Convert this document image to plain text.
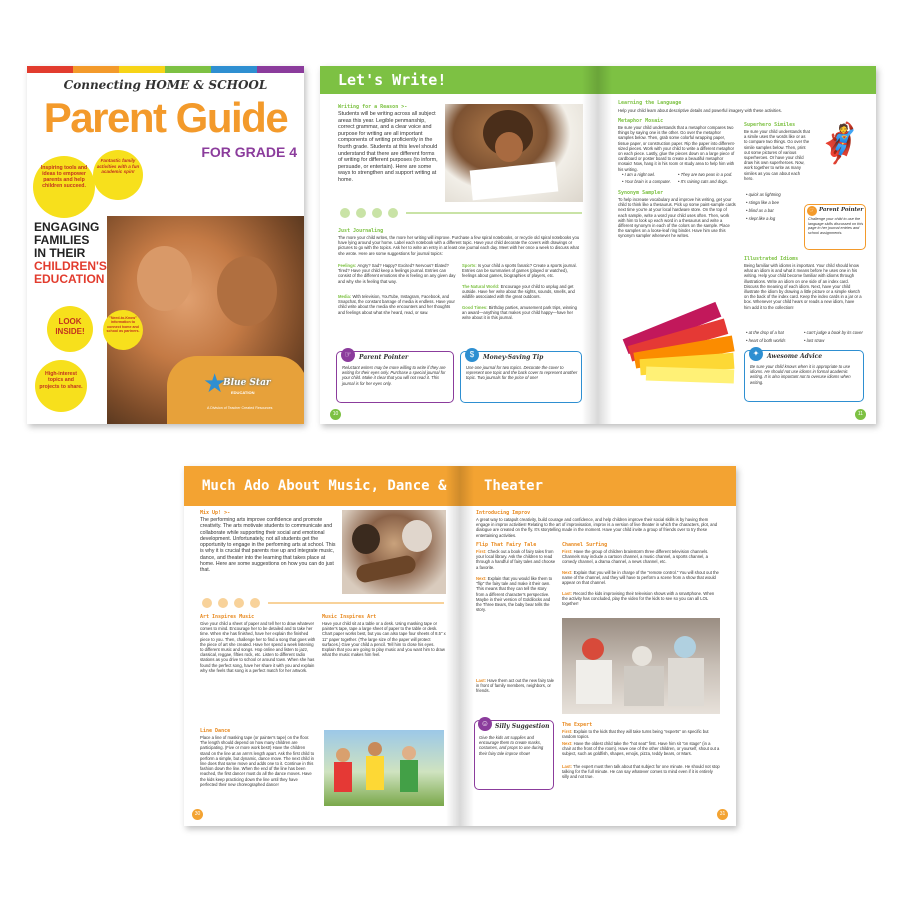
Connecting HOME & SCHOOL
Parent Guide
FOR GRADE 4
Inspiring tools and ideas to empower parents and help children succeed.
Fantastic family activities with a fun academic spin!
ENGAGING
FAMILIES
IN THEIR
CHILDREN'S
EDUCATION
LOOK INSIDE!
"Need-to-Know" information to connect home and school as partners.
High-interest topics and projects to share.	★
Blue Star
EDUCATION
A Division of Teacher Created Resources
Let's Write!
Writing for a Reason >-
Students will be writing across all subject areas this year. Legible penmanship, correct grammar, and a clear voice and purpose for writing are all important components of writing proficiently in the fourth grade. Students at this level should understand that there are different forms of writing for different purposes (to inform, persuade, or entertain). Here are some ways to strengthen and support writing at home.
Just Journaling
The more your child writes, the more her writing will improve. Purchase a few spiral notebooks, or recycle old spiral notebooks you have lying around your home. Label each notebook with a different topic. Have your child decorate the covers with drawings or pictures to go with the topics. Ask her to write an entry in at least one journal each day. Meet with her once a week to discuss what she wrote. Here are some suggestions for journal topics:
Feelings: Angry? Sad? Happy? Excited? Nervous? Elated? Tired? Have your child keep a feelings journal. Entries can consist of the different emotions she is feeling on any given day and why she is feeling that way.
Media: With television, YouTube, Instagram, Facebook, and Snapchat, the constant barrage of media is endless. Have your child write about the media she encounters and her thoughts and feelings about what she heard, read, or saw.
Sports: Is your child a sports fanatic? Create a sports journal. Entries can be summaries of games (played or watched), feelings about games, biographies of players, etc.
The Natural World: Encourage your child to unplug and get outside. Have her write about the sights, sounds, smells, and wildlife associated with the great outdoors.
Good Times: Birthday parties, amusement park trips, winning an award—anything that makes your child happy—have her write about it in this journal.
☞	Parent Pointer
Reluctant writers may be more willing to write if they are writing for their eyes only. Purchase a special journal for your child. Make it clear that you will not read it. This journal is for her eyes only.
$	Money-Saving Tip
Use one journal for two topics. Decorate the cover to represent one topic and the back cover to represent another topic. Two journals for the price of one!
10
Learning the Language
Help your child learn about descriptive details and powerful imagery with these activities.
Metaphor Mosaic
Be sure your child understands that a metaphor compares two things by saying one is the other. Go over the metaphor samples below. Then, grab some colorful wrapping paper, tissue paper, or construction paper. Rip the paper into different-sized pieces. Work with your child to write a different metaphor on each piece. Lastly, glue the pieces down on a large piece of cardboard or poster board to create a beautiful metaphor mosaic! Now, hang it in his room or study area to help him with his writing.
• I am a night owl.	• They are two peas in a pod.
• Your brain is a computer.	• It's raining cats and dogs.
Synonym Sampler
To help increase vocabulary and improve his writing, get your child to think like a thesaurus. Pick up some paint-sample cards next time you're at your local hardware store. On the top of each sample, write a word your child uses often. Then, work with him to look up each word in a thesaurus and write a different synonym in each of the colors on the sample. Place the samples on a loose-leaf ring binder. Have him use this synonym sampler whenever he writes.
Superhero Similes
Be sure your child understands that a simile uses the words like or as to compare two things. Go over the simile samples below. Then, print out some pictures of various superheroes. Or have your child draw his own superheroes. Now, work together to write as many similes as you can about each hero.
🦸
• quick as lightning
• stinga like a bee
• blind as a bat
• slept like a log
☞ Parent Pointer
Challenge your child to use the language skills discussed on this page in her journal entries and school assignments.
Illustrated Idioms
Being familiar with idioms is important. Your child should know what an idiom is and what it means before he uses one in his writing. Help your child become familiar with idioms through illustrations. Write an idiom on one side of an index card. Discuss the meaning of each idiom. Next, have your child illustrate the idiom by drawing a little picture or a simple sketch on the back of the index card. Keep the index cards in a jar or a box. Whenever your child hears or reads a new idiom, have him add it to the collection!
• at the drop of a hat	• can't judge a book by its cover
• heart of both worlds	• last straw
✦	Awesome Advice
Be sure your child knows when it is appropriate to use idioms. He should not use idioms in formal academic writing. It is also important not to overuse idioms when writing.
11
Much Ado About Music, Dance &	Theater
Mix Up! >-
The performing arts improve confidence and promote creativity. The arts motivate students to communicate and collaborate while supporting their social and emotional development. Unfortunately, not all students get the opportunity to engage in the performing arts at school. This is why it is crucial that parents rise up and integrate music, dance, and theater into the learning that takes place at home. Here are some suggestions on how you can do just that.
Art Inspires Music
Give your child a sheet of paper and tell her to draw whatever comes to mind. Encourage her to be detailed and to take her time. When she has finished, have her explain the finished piece to you. Then, challenge her to find a song that goes with the piece of art she created. Have her spend a week listening to different music and songs. Hop online and listen to jazz, classical, reggae, fifties rock, etc. Listen to different radio stations as you drive to school or around town. When she has found the perfect song, have her share it with you and explain why she feels that song is a perfect match for her artwork.
Music Inspires Art
Have your child sit at a table or a desk. Using masking tape or painter's tape, tape a large sheet of paper to the table or desk. Chart paper works best, but you can also tape four sheets of 8.5" x 11" paper together. (The large size of the paper will protect surfaces.) Give your child a pencil. Tell him to close his eyes. Explain that you are going to play music and you want him to draw what the music makes him feel.
Line Dance
Place a line of masking tape (or painter's tape) on the floor. The length should depend on how many children are participating. (Five or more work best!) Have the children stand on the line at an arm's length apart. Ask the first child to perform a simple, but dynamic, dance move. The next child in line does that same move and adds one to it. Continue in this fashion down the line. When the end of the line has been reached, the first dancer must do all the dance moves. Have the kids keep practicing down the line until they have perfected their new choreographed dance!
30
Introducing Improv
A great way to catapult creativity, build courage and confidence, and help children improve their social skills is by having them engage in improv activities! Relating to the art of improvisation, improv is a version of live theater in which the characters, plot, and dialogue are created on the fly. It's storytelling made in the moment. Have your child invite a group of friends over to try these entertaining activities.
Flip That Fairy Tale
First: Check out a book of fairy tales from your local library. Ask the children to read through a handful of fairy tales and choose a favorite.
Next: Explain that you would like them to "flip" the fairy tale and make it their own. This means that they can tell the story from a different character's perspective. Maybe in their version of Goldilocks and the Three Bears, the baby bear tells the story.
Last: Have them act out the new fairy tale in front of family members, neighbors, or friends.
☺ Silly Suggestion
Give the kids art supplies and encourage them to create masks, costumes, and props to use during their fairy tale improv show!
Channel Surfing
First: Have the group of children brainstorm three different television channels. Channels may include a cartoon channel, a music channel, a sports channel, a comedy channel, a drama channel, a news channel, etc.
Next: Explain that you will be in charge of the "remote control." You will shout out the name of the channel, and they will have to perform a scene from a show that would appear on that channel.
Last: Record the kids improvising their television shows with a smartphone. When the activity has concluded, play the video for the kids to see so you can all LOL together!
The Expert
First: Explain to the kids that they will take turns being "experts" on specific but random topics.
Next: Have the oldest child take the "hot seat" first. Have him sit "on stage" (in a chair at the front of the room). Have one of the other children, or yourself, shout out a subject, such as goldfish, shapes, emojis, pizza, teddy bears, or Mars.
Last: The expert must then talk about that subject for one minute. He should not stop talking for the full minute. He can say whatever comes to mind even if it is entirely silly and not true.
31
